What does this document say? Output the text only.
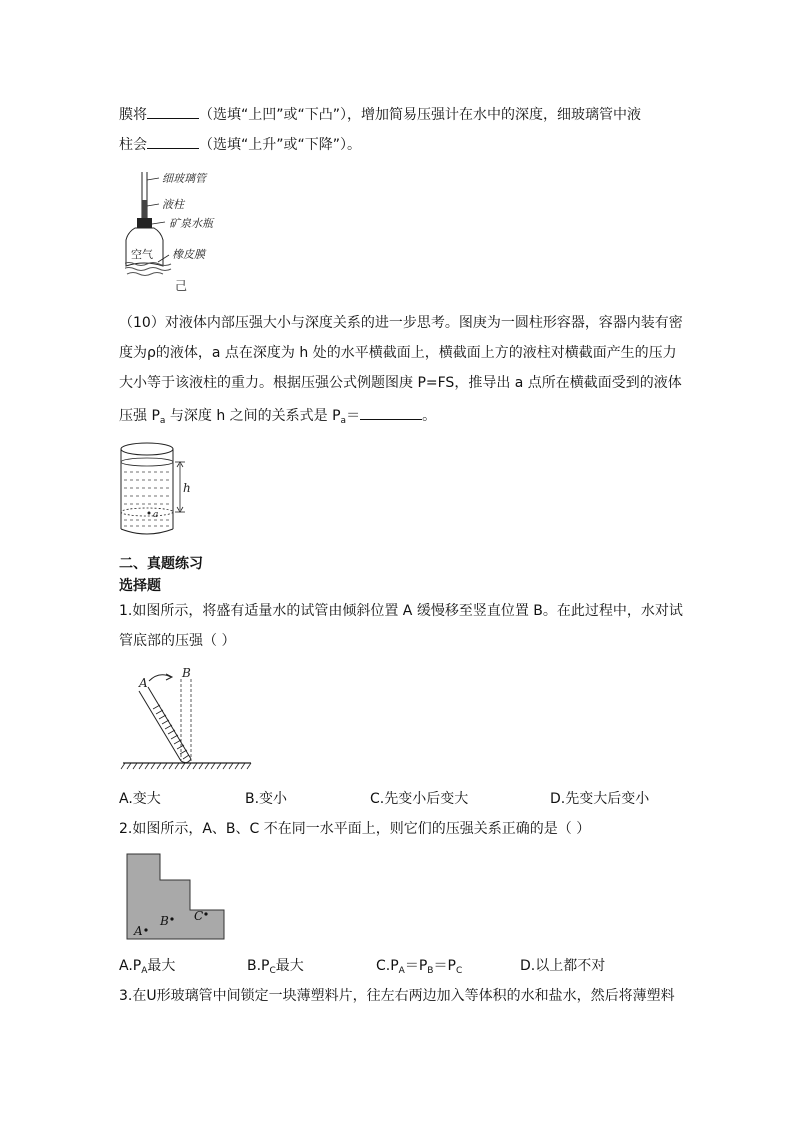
膜将	（选填“上凹”或“下凸”），增加简易压强计在水中的深度，细玻璃管中液
柱会	（选填“上升”或“下降”）。
细玻璃管
液柱
矿泉水瓶
橡皮膜
空气
己
（10）对液体内部压强大小与深度关系的进一步思考。图庚为一圆柱形容器，容器内装有密
度为ρ的液体，a 点在深度为 h 处的水平横截面上，横截面上方的液柱对横截面产生的压力
大小等于该液柱的重力。根据压强公式例题图庚 P=FS，推导出 a 点所在横截面受到的液体
压强 $P_a$ 与深度 h 之间的关系式是 $P_a=$	。
a
h
二、真题练习
选择题
1.如图所示，将盛有适量水的试管由倾斜位置 A 缓慢移至竖直位置 B。在此过程中，水对试
管底部的压强（ ）
A
B
A.变大	B.变小	C.先变小后变大	D.先变大后变小
2.如图所示，A、B、C 不在同一水平面上，则它们的压强关系正确的是（ ）
A
B C
$A.P_A$最大	$B.P_C$最大	$C.P_A=P_B=P_C$	D.以上都不对
3.在U形玻璃管中间锁定一块薄塑料片，往左右两边加入等体积的水和盐水，然后将薄塑料
